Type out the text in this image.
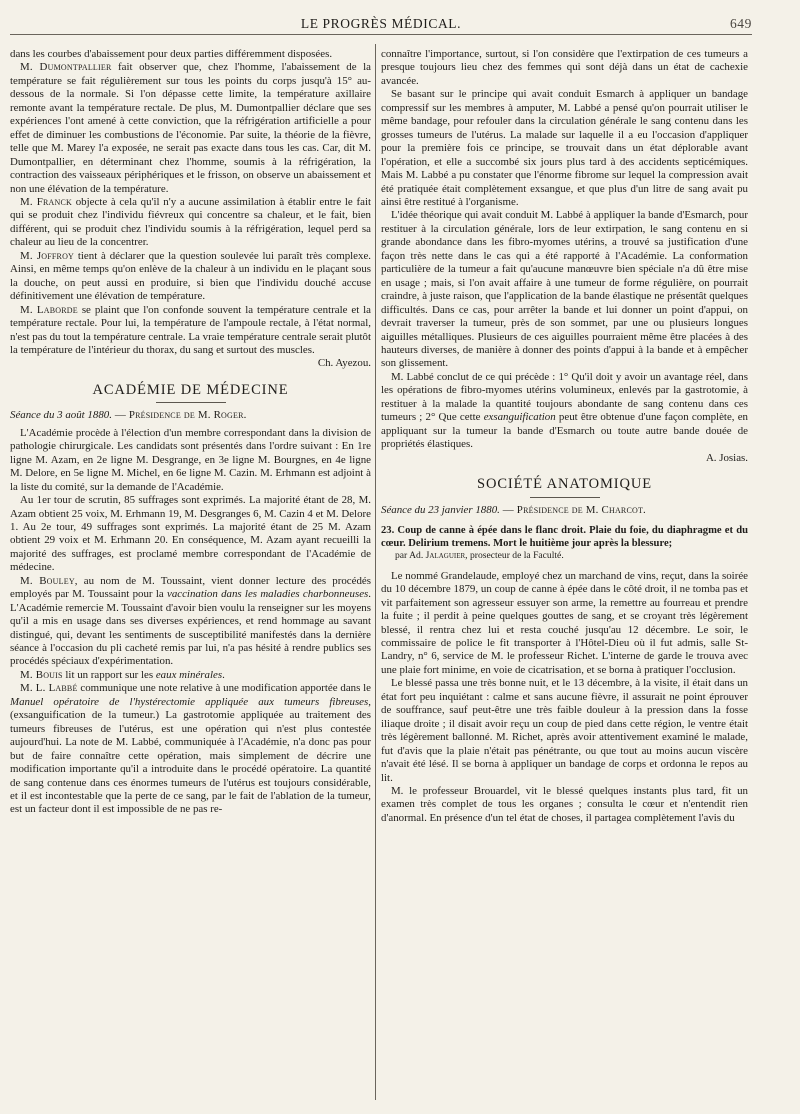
LE PROGRÈS MÉDICAL.	649

dans les courbes d'abaissement pour deux parties différemment disposées.

M. Dumontpallier fait observer que, chez l'homme, l'abaissement de la température se fait régulièrement sur tous les points du corps jusqu'à 15° au-dessous de la normale. Si l'on dépasse cette limite, la température axillaire remonte avant la température rectale. De plus, M. Dumontpallier déclare que ses expériences l'ont amené à cette conviction, que la réfrigération artificielle a pour effet de diminuer les combustions de l'économie. Par suite, la théorie de la fièvre, telle que M. Marey l'a exposée, ne serait pas exacte dans tous les cas. Car, dit M. Dumontpallier, en déterminant chez l'homme, soumis à la réfrigération, la contraction des vaisseaux périphériques et le frisson, on observe un abaissement et non une élévation de la température.

M. Franck objecte à cela qu'il n'y a aucune assimilation à établir entre le fait qui se produit chez l'individu fiévreux qui concentre sa chaleur, et le fait, bien différent, qui se produit chez l'individu soumis à la réfrigération, lequel perd sa chaleur au lieu de la concentrer.

M. Joffroy tient à déclarer que la question soulevée lui paraît très complexe. Ainsi, en même temps qu'on enlève de la chaleur à un individu en le plaçant sous la douche, on peut aussi en produire, si bien que l'individu douché accuse définitivement une élévation de température.

M. Laborde se plaint que l'on confonde souvent la température centrale et la température rectale. Pour lui, la température de l'ampoule rectale, à l'état normal, n'est pas du tout la température centrale. La vraie température centrale serait plutôt la température de l'intérieur du thorax, du sang et surtout des muscles.

Ch. Ayezou.

ACADÉMIE DE MÉDECINE

Séance du 3 août 1880. — Présidence de M. Roger.

L'Académie procède à l'élection d'un membre correspondant dans la division de pathologie chirurgicale. Les candidats sont présentés dans l'ordre suivant : En 1re ligne M. Azam, en 2e ligne M. Desgrange, en 3e ligne M. Bourgnes, en 4e ligne M. Delore, en 5e ligne M. Michel, en 6e ligne M. Cazin. M. Erhmann est adjoint à la liste du comité, sur la demande de l'Académie.

Au 1er tour de scrutin, 85 suffrages sont exprimés. La majorité étant de 28, M. Azam obtient 25 voix, M. Erhmann 19, M. Desgranges 6, M. Cazin 4 et M. Delore 1. Au 2e tour, 49 suffrages sont exprimés. La majorité étant de 25 M. Azam obtient 29 voix et M. Erhmann 20. En conséquence, M. Azam ayant recueilli la majorité des suffrages, est proclamé membre correspondant de l'Académie de médecine.

M. Bouley, au nom de M. Toussaint, vient donner lecture des procédés employés par M. Toussaint pour la vaccination dans les maladies charbonneuses. L'Académie remercie M. Toussaint d'avoir bien voulu la renseigner sur les moyens qu'il a mis en usage dans ses diverses expériences, et rend hommage au savant distingué, qui, devant les sentiments de susceptibilité manifestés dans la dernière séance à l'occasion du pli cacheté remis par lui, n'a pas hésité à rendre publics ses procédés spéciaux d'expérimentation.

M. Bouis lit un rapport sur les eaux minérales.

M. L. Labbé communique une note relative à une modification apportée dans le Manuel opératoire de l'hystérectomie appliquée aux tumeurs fibreuses, (exsanguification de la tumeur.) La gastrotomie appliquée au traitement des tumeurs fibreuses de l'utérus, est une opération qui n'est plus contestée aujourd'hui. La note de M. Labbé, communiquée à l'Académie, n'a donc pas pour but de faire connaître cette opération, mais simplement de décrire une modification importante qu'il a introduite dans le procédé opératoire. La quantité de sang contenue dans ces énormes tumeurs de l'utérus est toujours considérable, et il est incontestable que la perte de ce sang, par le fait de l'ablation de la tumeur, est un facteur dont il est impossible de ne pas re-

connaître l'importance, surtout, si l'on considère que l'extirpation de ces tumeurs a presque toujours lieu chez des femmes qui sont déjà dans un état de cachexie avancée.

Se basant sur le principe qui avait conduit Esmarch à appliquer un bandage compressif sur les membres à amputer, M. Labbé a pensé qu'on pourrait utiliser le même bandage, pour refouler dans la circulation générale le sang contenu dans les grosses tumeurs de l'utérus. La malade sur laquelle il a eu l'occasion d'appliquer pour la première fois ce principe, se trouvait dans un état déplorable avant l'opération, et elle a succombé six jours plus tard à des accidents septicémiques. Mais M. Labbé a pu constater que l'énorme fibrome sur lequel la compression avait été pratiquée était complètement exsangue, et que plus d'un litre de sang avait pu ainsi être restitué à l'organisme.

L'idée théorique qui avait conduit M. Labbé à appliquer la bande d'Esmarch, pour restituer à la circulation générale, lors de leur extirpation, le sang contenu en si grande abondance dans les fibro-myomes utérins, a trouvé sa justification d'une façon très nette dans le cas qui a été rapporté à l'Académie. La conformation particulière de la tumeur a fait qu'aucune manœuvre bien spéciale n'a dû être mise en usage ; mais, si l'on avait affaire à une tumeur de forme régulière, on pourrait craindre, à juste raison, que l'application de la bande élastique ne présentât quelques difficultés. Dans ce cas, pour arrêter la bande et lui donner un point d'appui, on devrait traverser la tumeur, près de son sommet, par une ou plusieurs longues aiguilles métalliques. Plusieurs de ces aiguilles pourraient même être placées à des hauteurs diverses, de manière à donner des points d'appui à la bande et à empêcher son glissement.

M. Labbé conclut de ce qui précède : 1° Qu'il doit y avoir un avantage réel, dans les opérations de fibro-myomes utérins volumineux, enlevés par la gastrotomie, à restituer à la malade la quantité toujours abondante de sang contenu dans ces tumeurs ; 2° Que cette exsanguification peut être obtenue d'une façon complète, en appliquant sur la tumeur la bande d'Esmarch ou toute autre bande douée de propriétés élastiques.

A. Josias.

SOCIÉTÉ ANATOMIQUE

Séance du 23 janvier 1880. — Présidence de M. Charcot.

23. Coup de canne à épée dans le flanc droit. Plaie du foie, du diaphragme et du cœur. Delirium tremens. Mort le huitième jour après la blessure;

par Ad. Jalaguier, prosecteur de la Faculté.

Le nommé Grandelaude, employé chez un marchand de vins, reçut, dans la soirée du 10 décembre 1879, un coup de canne à épée dans le côté droit, il ne tomba pas et vit parfaitement son agresseur essuyer son arme, la remettre au fourreau et prendre la fuite ; il perdit à peine quelques gouttes de sang, et se croyant très légèrement blessé, il rentra chez lui et resta couché jusqu'au 12 décembre. Le soir, le commissaire de police le fit transporter à l'Hôtel-Dieu où il fut admis, salle St-Landry, n° 6, service de M. le professeur Richet. L'interne de garde le trouva avec une plaie fort minime, en voie de cicatrisation, et se borna à pratiquer l'occlusion.

Le blessé passa une très bonne nuit, et le 13 décembre, à la visite, il était dans un état fort peu inquiétant : calme et sans aucune fièvre, il assurait ne point éprouver de souffrance, sauf peut-être une très faible douleur à la pression dans la fosse iliaque droite ; il disait avoir reçu un coup de pied dans cette région, le ventre était très légèrement ballonné. M. Richet, après avoir attentivement examiné le malade, fut d'avis que la plaie n'était pas pénétrante, ou que tout au moins aucun viscère n'avait été lésé. Il se borna à appliquer un bandage de corps et ordonna le repos au lit.

M. le professeur Brouardel, vit le blessé quelques instants plus tard, fit un examen très complet de tous les organes ; consulta le cœur et n'entendit rien d'anormal. En présence d'un tel état de choses, il partagea complètement l'avis du
